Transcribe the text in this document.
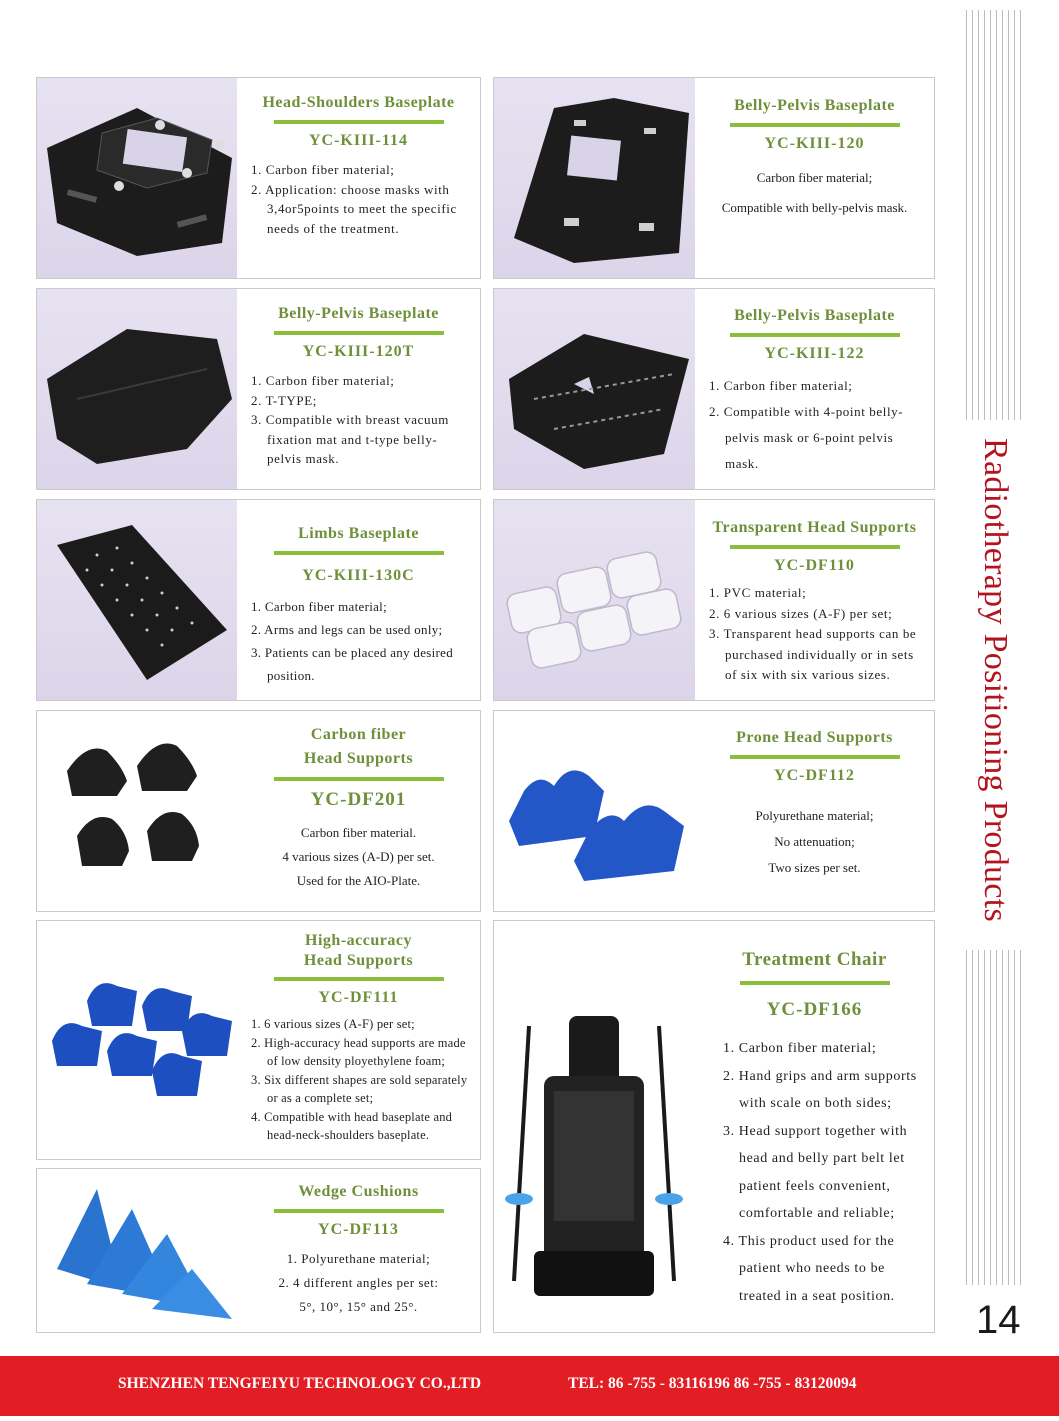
Radiotherapy Positioning Products
14
Head-Shoulders Baseplate
YC-KIII-114
1. Carbon fiber material;
2. Application: choose masks with 3,4or5points to meet the specific needs of the treatment.
Belly-Pelvis Baseplate
YC-KIII-120
Carbon fiber material;
Compatible with belly-pelvis mask.
Belly-Pelvis Baseplate
YC-KIII-120T
1. Carbon fiber material;
2. T-TYPE;
3. Compatible with breast vacuum fixation mat and t-type belly-pelvis mask.
Belly-Pelvis Baseplate
YC-KIII-122
1. Carbon fiber material;
2. Compatible with 4-point belly-pelvis mask or 6-point pelvis mask.
Limbs Baseplate
YC-KIII-130C
1. Carbon fiber material;
2. Arms and legs can be used only;
3. Patients can be placed any desired position.
Transparent Head Supports
YC-DF110
1. PVC material;
2. 6 various sizes (A-F) per set;
3. Transparent head supports can be purchased individually or in sets of six with six various sizes.
Carbon fiber
Head Supports
YC-DF201
Carbon fiber material.
4 various sizes (A-D) per set.
Used for the AIO-Plate.
Prone Head Supports
YC-DF112
Polyurethane material;
No attenuation;
Two sizes per set.
High-accuracy
Head Supports
YC-DF111
1. 6 various sizes (A-F) per set;
2. High-accuracy head supports are made of low density ployethylene foam;
3. Six different shapes are sold separately or as a complete set;
4. Compatible with head baseplate and head-neck-shoulders baseplate.
Wedge Cushions
YC-DF113
1. Polyurethane material;
2. 4 different angles per set:
5°, 10°, 15° and 25°.
Treatment Chair
YC-DF166
1. Carbon fiber material;
2. Hand grips and arm supports with scale on both sides;
3. Head support together with head and belly part belt let patient feels convenient, comfortable and reliable;
4. This product used for the patient who needs to be treated in a seat position.
SHENZHEN TENGFEIYU TECHNOLOGY CO.,LTD	TEL: 86 -755 - 83116196 86 -755 - 83120094
